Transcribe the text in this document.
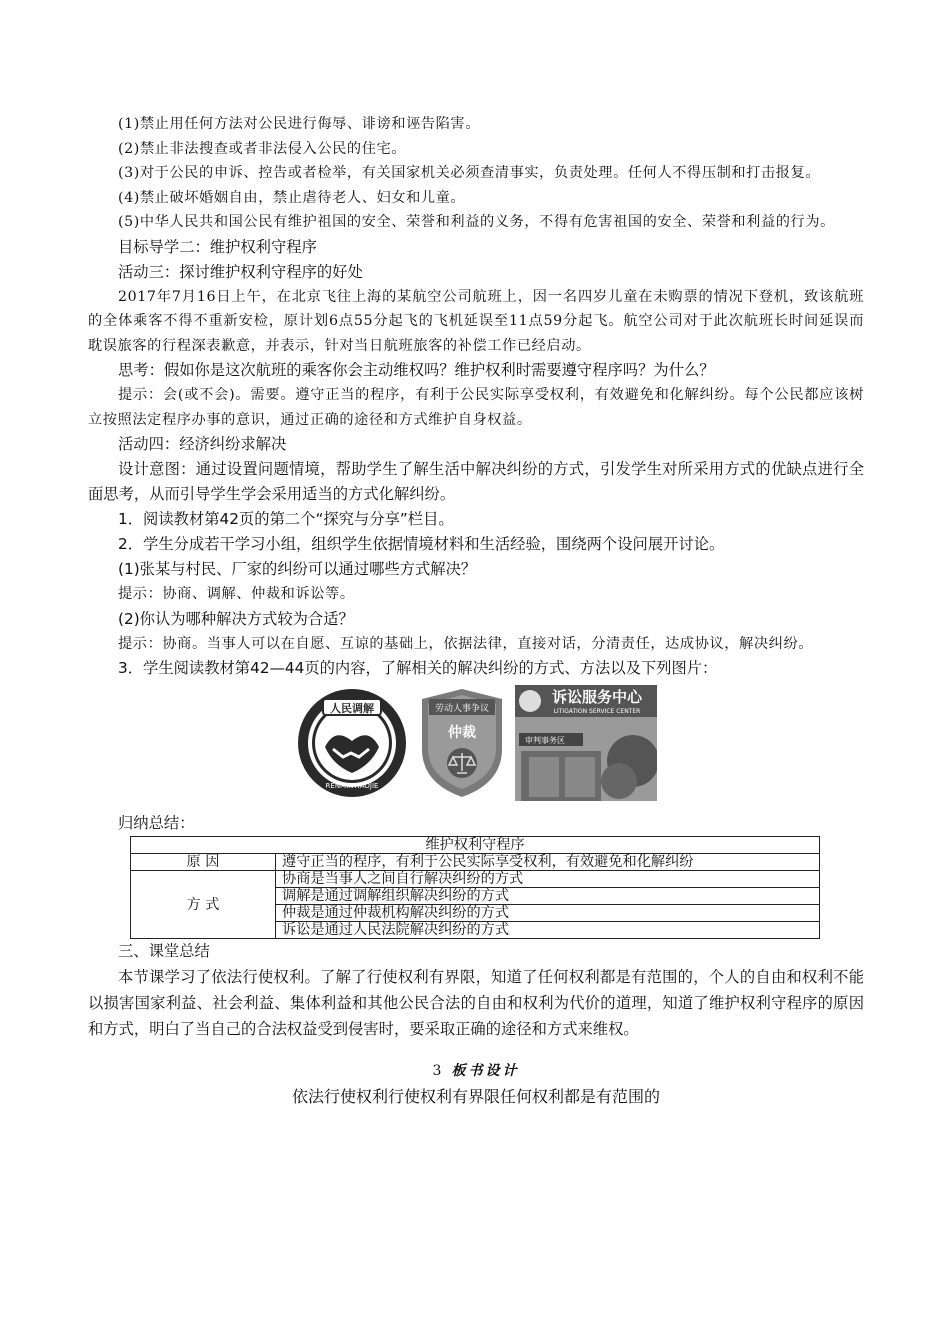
(1)禁止用任何方法对公民进行侮辱、诽谤和诬告陷害。
(2)禁止非法搜查或者非法侵入公民的住宅。
(3)对于公民的申诉、控告或者检举，有关国家机关必须查清事实，负责处理。任何人不得压制和打击报复。
(4)禁止破坏婚姻自由，禁止虐待老人、妇女和儿童。
(5)中华人民共和国公民有维护祖国的安全、荣誉和利益的义务，不得有危害祖国的安全、荣誉和利益的行为。
目标导学二：维护权利守程序
活动三：探讨维护权利守程序的好处
2017年7月16日上午，在北京飞往上海的某航空公司航班上，因一名四岁儿童在未购票的情况下登机，致该航班的全体乘客不得不重新安检，原计划6点55分起飞的飞机延误至11点59分起飞。航空公司对于此次航班长时间延误而耽误旅客的行程深表歉意，并表示，针对当日航班旅客的补偿工作已经启动。
思考：假如你是这次航班的乘客你会主动维权吗？维护权利时需要遵守程序吗？为什么？
提示：会(或不会)。需要。遵守正当的程序，有利于公民实际享受权利，有效避免和化解纠纷。每个公民都应该树立按照法定程序办事的意识，通过正确的途径和方式维护自身权益。
活动四：经济纠纷求解决
设计意图：通过设置问题情境，帮助学生了解生活中解决纠纷的方式，引发学生对所采用方式的优缺点进行全面思考，从而引导学生学会采用适当的方式化解纠纷。
1．阅读教材第42页的第二个“探究与分享”栏目。
2．学生分成若干学习小组，组织学生依据情境材料和生活经验，围绕两个设问展开讨论。
(1)张某与村民、厂家的纠纷可以通过哪些方式解决？
提示：协商、调解、仲裁和诉讼等。
(2)你认为哪种解决方式较为合适？
提示：协商。当事人可以在自愿、互谅的基础上，依据法律，直接对话，分清责任，达成协议，解决纠纷。
3．学生阅读教材第42—44页的内容，了解相关的解决纠纷的方式、方法以及下列图片：
人民调解
RENMINTIAOJIE
劳动人事争议
仲裁
诉讼服务中心
LITIGATION SERVICE CENTER
审判事务区
归纳总结：
维护权利守程序	
原 因	遵守正当的程序，有利于公民实际享受权利，有效避免和化解纠纷
方 式	协商是当事人之间自行解决纠纷的方式
	调解是通过调解组织解决纠纷的方式
	仲裁是通过仲裁机构解决纠纷的方式
	诉讼是通过人民法院解决纠纷的方式
三、课堂总结
本节课学习了依法行使权利。了解了行使权利有界限，知道了任何权利都是有范围的，个人的自由和权利不能以损害国家利益、社会利益、集体利益和其他公民合法的自由和权利为代价的道理，知道了维护权利守程序的原因和方式，明白了当自己的合法权益受到侵害时，要采取正确的途径和方式来维权。
3 板书设计
依法行使权利行使权利有界限任何权利都是有范围的
